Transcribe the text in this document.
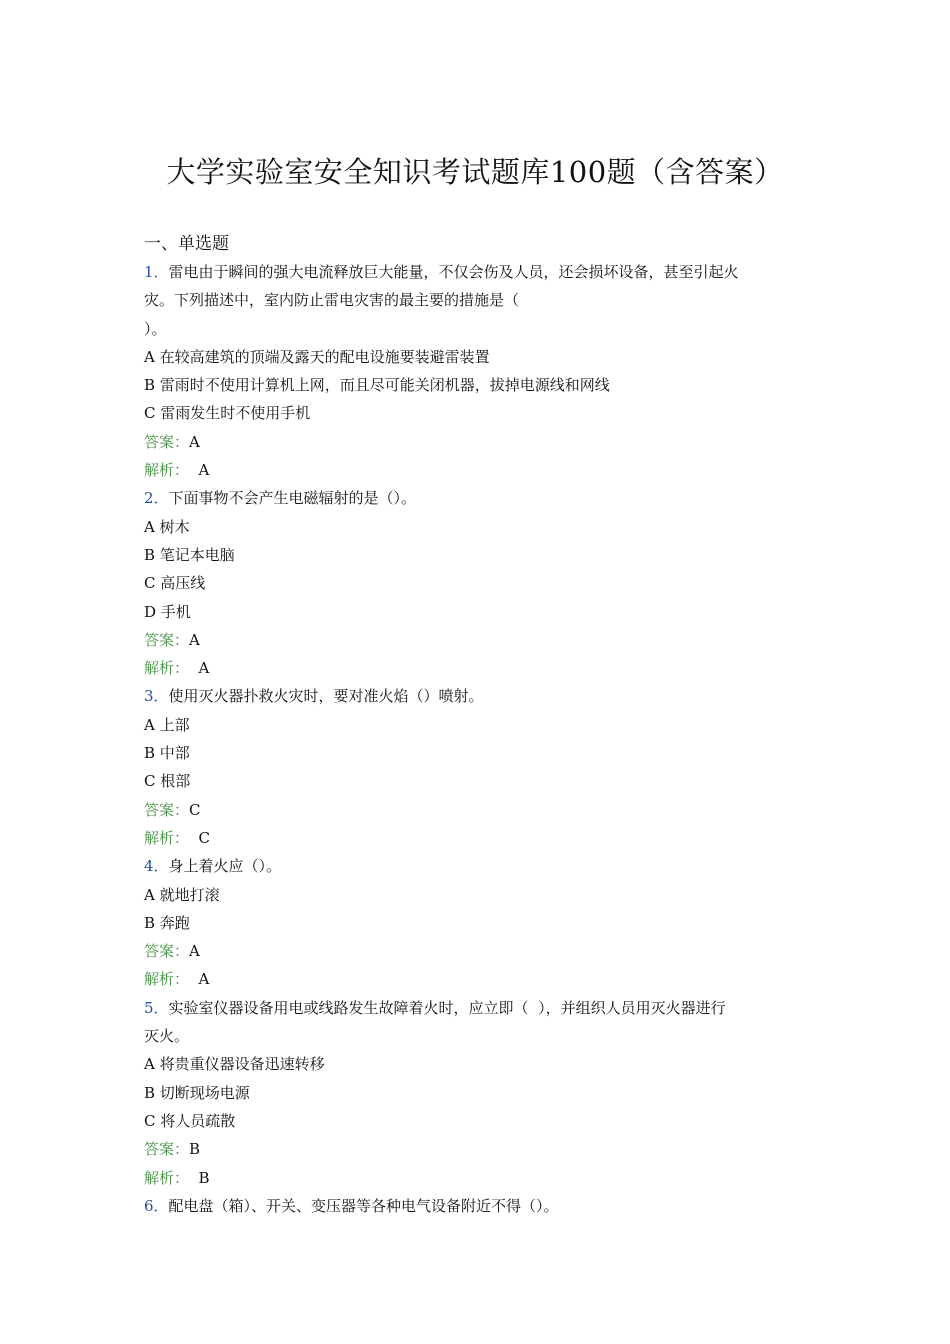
大学实验室安全知识考试题库100题（含答案）
一、单选题

1．雷电由于瞬间的强大电流释放巨大能量，不仅会伤及人员，还会损坏设备，甚至引起火

灾。下列描述中，室内防止雷电灾害的最主要的措施是（

）。

A 在较高建筑的顶端及露天的配电设施要装避雷装置

B 雷雨时不使用计算机上网，而且尽可能关闭机器，拔掉电源线和网线

C 雷雨发生时不使用手机

答案：A

解析：  A

2．下面事物不会产生电磁辐射的是（）。

A 树木

B 笔记本电脑

C 高压线

D 手机

答案：A

解析：  A

3．使用灭火器扑救火灾时，要对准火焰（）喷射。

A 上部

B 中部

C 根部

答案：C

解析：  C

4．身上着火应（）。

A 就地打滚

B 奔跑

答案：A

解析：  A

5．实验室仪器设备用电或线路发生故障着火时，应立即（  ），并组织人员用灭火器进行

灭火。

A 将贵重仪器设备迅速转移

B 切断现场电源

C 将人员疏散

答案：B

解析：  B

6．配电盘（箱）、开关、变压器等各种电气设备附近不得（）。
